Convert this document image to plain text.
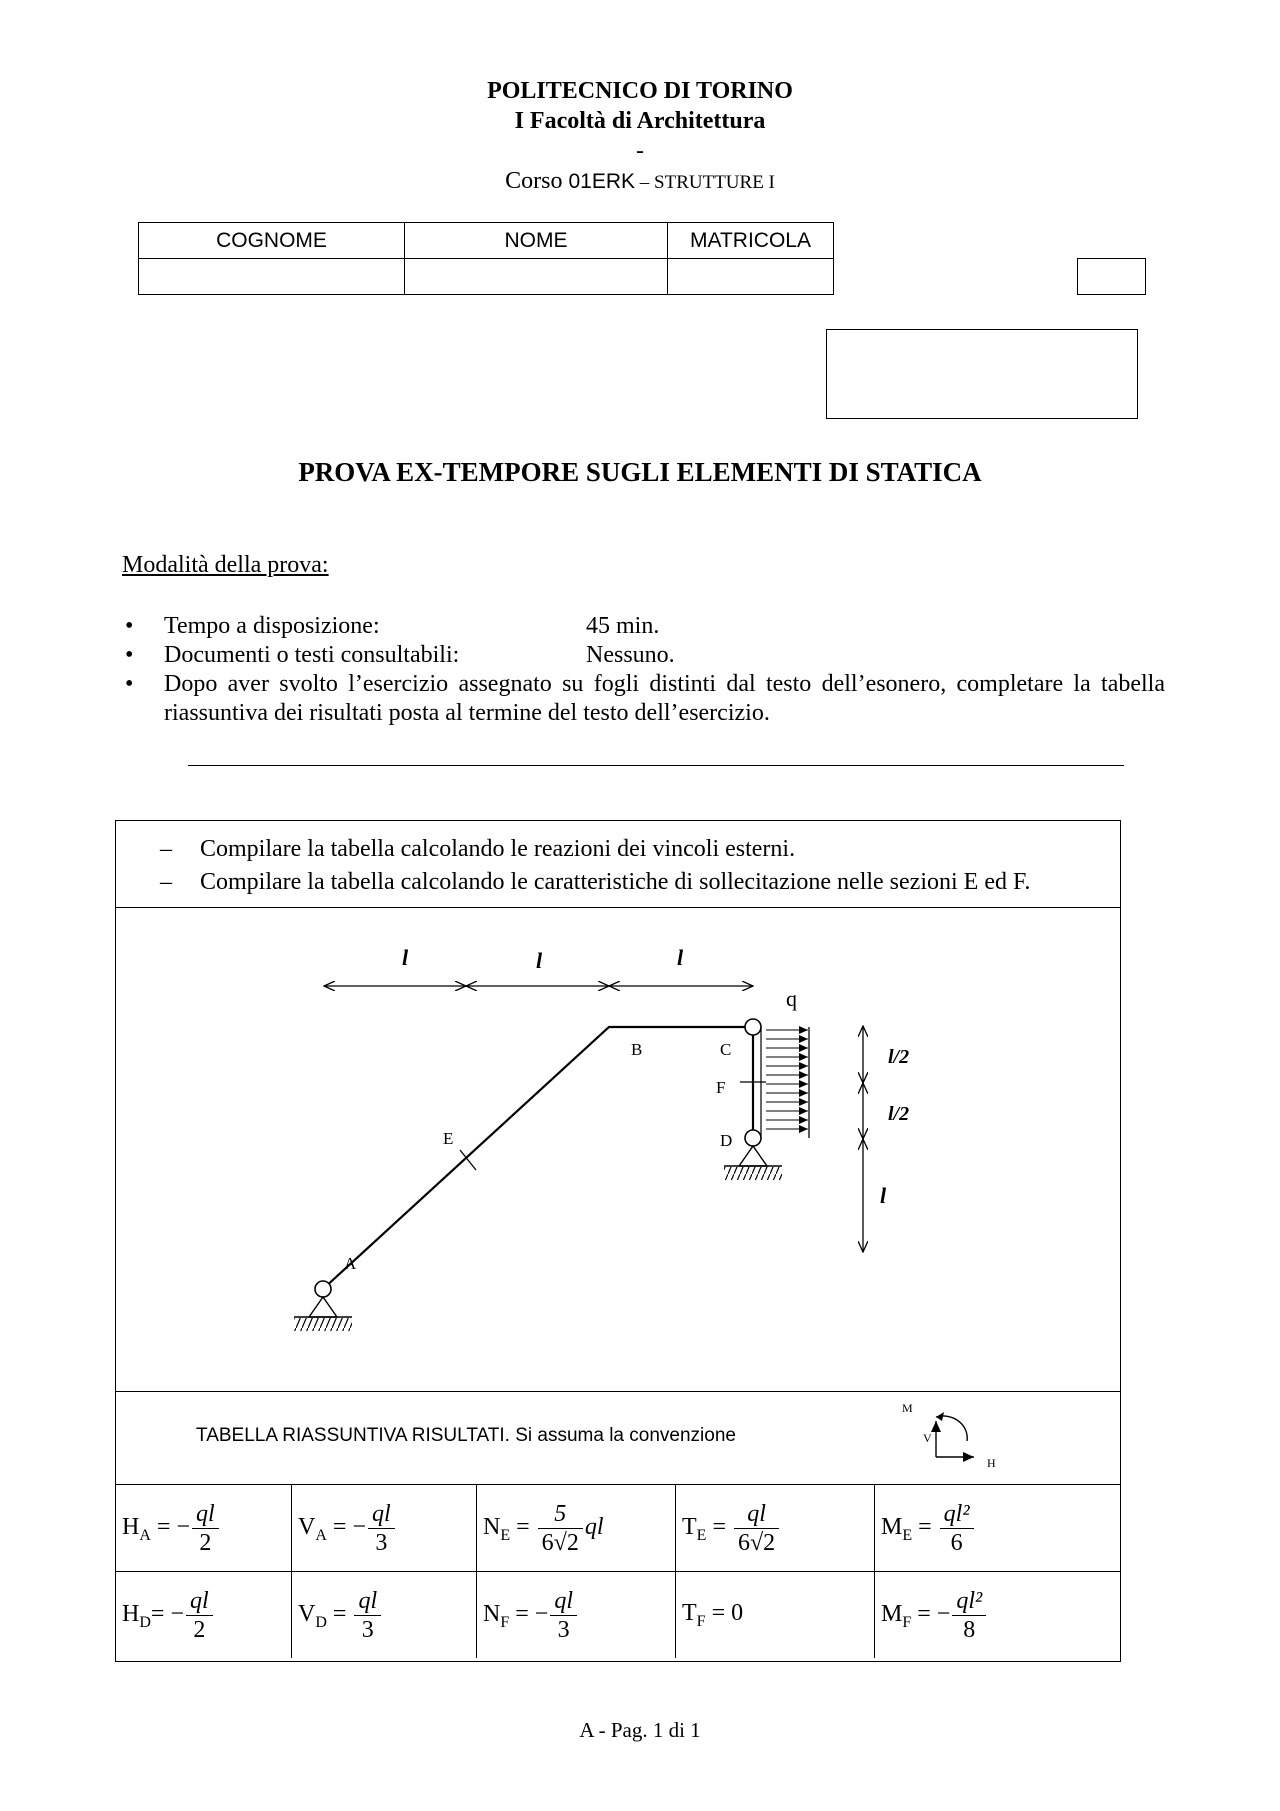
POLITECNICO DI TORINO
I Facoltà di Architettura
-
Corso 01ERK – STRUTTURE I
COGNOME	NOME	MATRICOLA

PROVA EX-TEMPORE SUGLI ELEMENTI DI STATICA
Modalità della prova:
• Tempo a disposizione:	45 min.
• Documenti o testi consultabili:	Nessuno.
• Dopo aver svolto l’esercizio assegnato su fogli distinti dal testo dell’esonero, completare la tabella riassuntiva dei risultati posta al termine del testo dell’esercizio.
– Compilare la tabella calcolando le reazioni dei vincoli esterni.
– Compilare la tabella calcolando le caratteristiche di sollecitazione nelle sezioni E ed F.
l	l	l
q
l/2
l/2
l
A
B	C
D
E
F
TABELLA RIASSUNTIVA RISULTATI. Si assuma la convenzione
M
V
H
$H_A$ = − $\frac{ql}{2}$	$V_A$ = − $\frac{ql}{3}$	$N_E = \frac{5}{6√2}$ ql	$T_E = \frac{ql}{6√2}$	$M_E = \frac{\text{ql²}}{6}$

$H_D= - \frac{ql}{2}$	$V_D = \frac{ql}{3}$	$N_F$ = − $\frac{ql}{3}$	$T_F = 0$	$M_F$ = − $\frac{\text{ql²}}{8}$
A - Pag. 1 di 1
